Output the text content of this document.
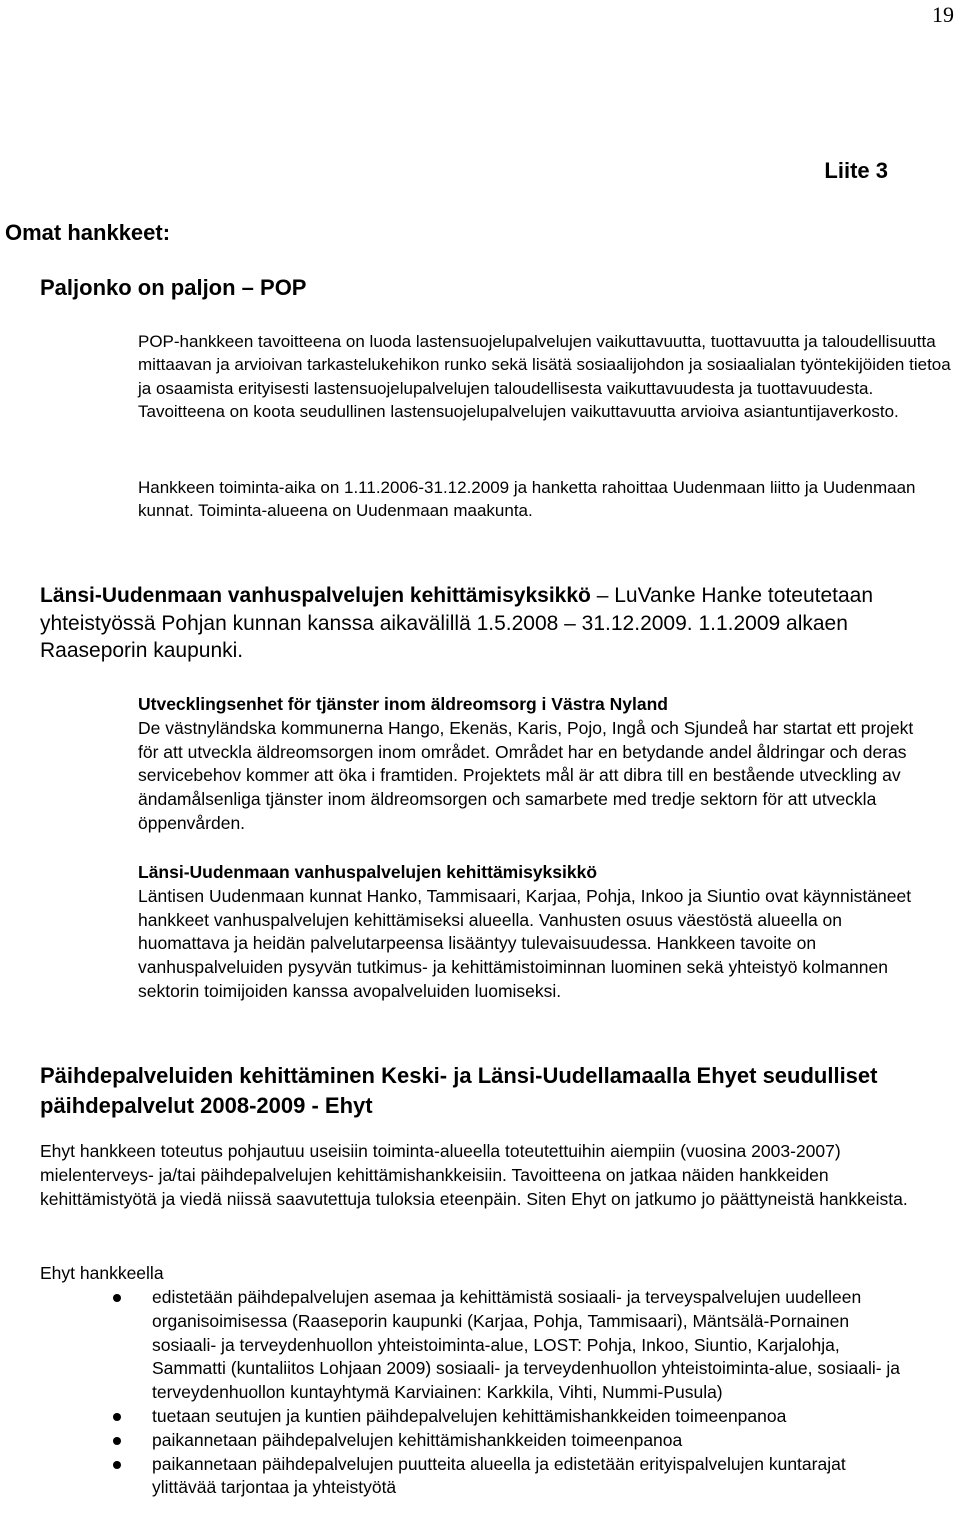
19
Liite 3
Omat hankkeet:
Paljonko on paljon – POP

POP-hankkeen tavoitteena on luoda lastensuojelupalvelujen vaikuttavuutta, tuottavuutta ja taloudellisuutta mittaavan ja arvioivan tarkastelukehikon runko sekä lisätä sosiaalijohdon ja sosiaalialan työntekijöiden tietoa ja osaamista erityisesti lastensuojelupalvelujen taloudellisesta vaikuttavuudesta ja tuottavuudesta. Tavoitteena on koota seudullinen lastensuojelupalvelujen vaikuttavuutta arvioiva asiantuntijaverkosto.

Hankkeen toiminta-aika on 1.11.2006-31.12.2009 ja hanketta rahoittaa Uudenmaan liitto ja Uudenmaan kunnat. Toiminta-alueena on Uudenmaan maakunta.

Länsi-Uudenmaan vanhuspalvelujen kehittämisyksikkö – LuVanke Hanke toteutetaan yhteistyössä Pohjan kunnan kanssa aikavälillä 1.5.2008 – 31.12.2009. 1.1.2009 alkaen Raaseporin kaupunki.

Utvecklingsenhet för tjänster inom äldreomsorg i Västra Nyland
De västnyländska kommunerna Hango, Ekenäs, Karis, Pojo, Ingå och Sjundeå har startat ett projekt för att utveckla äldreomsorgen inom området. Området har en betydande andel åldringar och deras servicebehov kommer att öka i framtiden. Projektets mål är att dibra till en bestående utveckling av ändamålsenliga tjänster inom äldreomsorgen och samarbete med tredje sektorn för att utveckla öppenvården.
Länsi-Uudenmaan vanhuspalvelujen kehittämisyksikkö
Läntisen Uudenmaan kunnat Hanko, Tammisaari, Karjaa, Pohja, Inkoo ja Siuntio ovat käynnistäneet hankkeet vanhuspalvelujen kehittämiseksi alueella. Vanhusten osuus väestöstä alueella on huomattava ja heidän palvelutarpeensa lisääntyy tulevaisuudessa. Hankkeen tavoite on vanhuspalveluiden pysyvän tutkimus- ja kehittämistoiminnan luominen sekä yhteistyö kolmannen sektorin toimijoiden kanssa avopalveluiden luomiseksi.
Päihdepalveluiden kehittäminen Keski- ja Länsi-Uudellamaalla Ehyet seudulliset päihdepalvelut 2008-2009 - Ehyt

Ehyt hankkeen toteutus pohjautuu useisiin toiminta-alueella toteutettuihin aiempiin (vuosina 2003-2007) mielenterveys- ja/tai päihdepalvelujen kehittämishankkeisiin. Tavoitteena on jatkaa näiden hankkeiden kehittämistyötä ja viedä niissä saavutettuja tuloksia eteenpäin. Siten Ehyt on jatkumo jo päättyneistä hankkeista.

Ehyt hankkeella
edistetään päihdepalvelujen asemaa ja kehittämistä sosiaali- ja terveyspalvelujen uudelleen organisoimisessa (Raaseporin kaupunki (Karjaa, Pohja, Tammisaari), Mäntsälä-Pornainen sosiaali- ja terveydenhuollon yhteistoiminta-alue, LOST: Pohja, Inkoo, Siuntio, Karjalohja, Sammatti (kuntaliitos Lohjaan 2009) sosiaali- ja terveydenhuollon yhteistoiminta-alue, sosiaali- ja terveydenhuollon kuntayhtymä Karviainen: Karkkila, Vihti, Nummi-Pusula)
tuetaan seutujen ja kuntien päihdepalvelujen kehittämishankkeiden toimeenpanoa
paikannetaan päihdepalvelujen kehittämishankkeiden toimeenpanoa
paikannetaan päihdepalvelujen puutteita alueella ja edistetään erityispalvelujen kuntarajat ylittävää tarjontaa ja yhteistyötä
